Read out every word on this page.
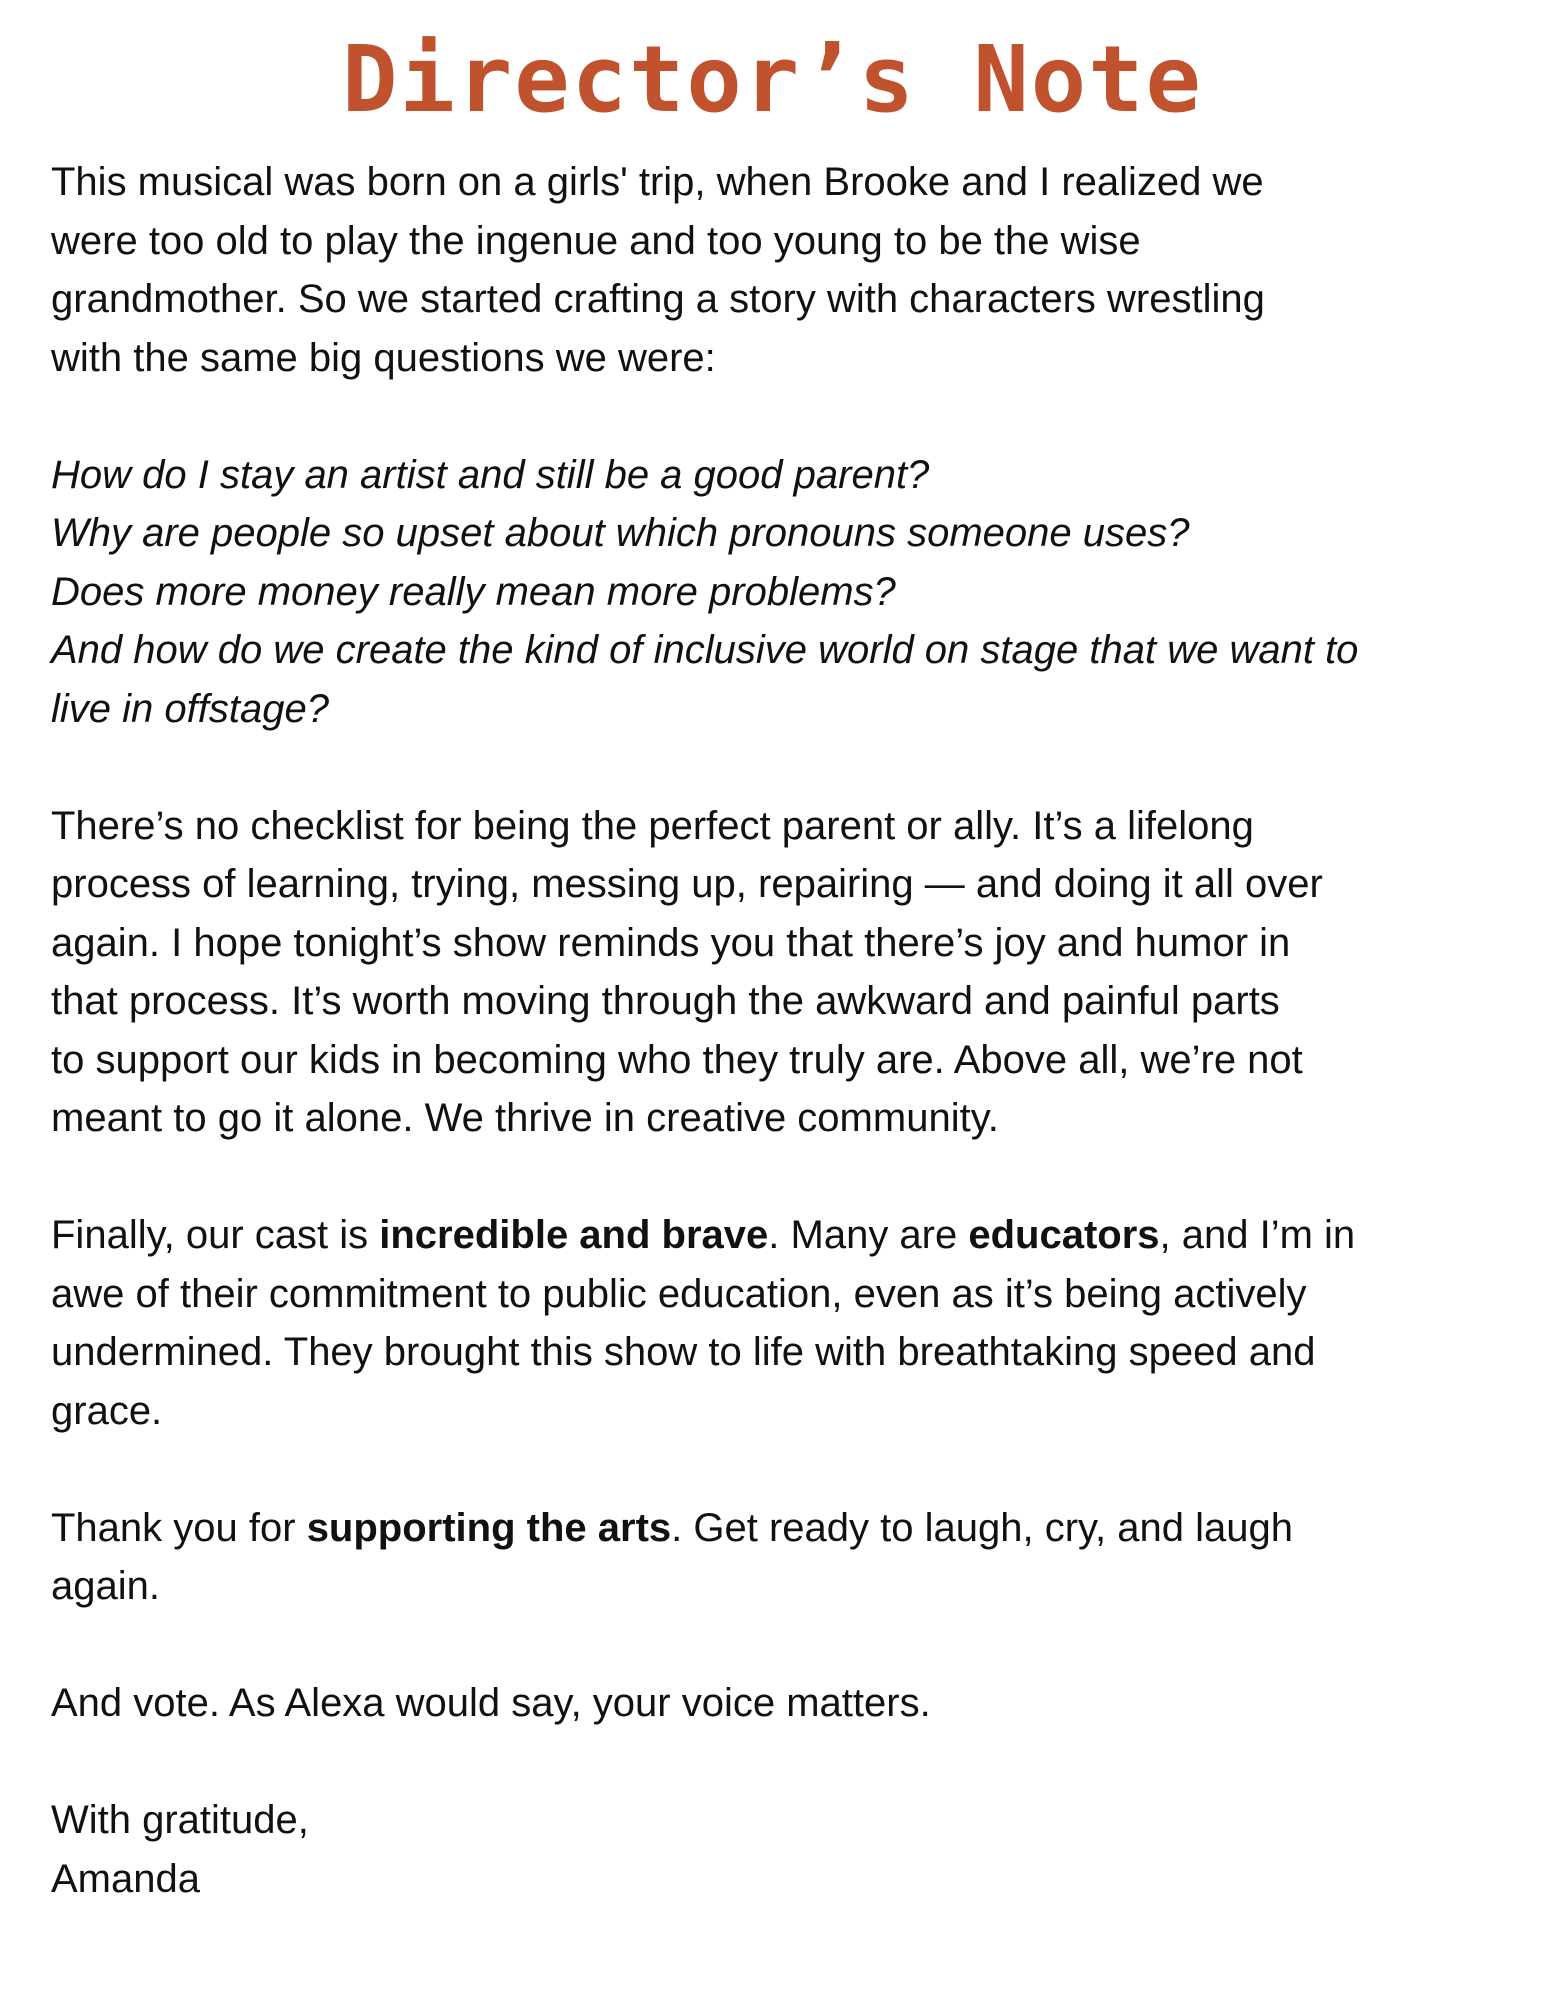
Director’s Note

This musical was born on a girls' trip, when Brooke and I realized we
were too old to play the ingenue and too young to be the wise
grandmother. So we started crafting a story with characters wrestling
with the same big questions we were:

How do I stay an artist and still be a good parent?
Why are people so upset about which pronouns someone uses?
Does more money really mean more problems?
And how do we create the kind of inclusive world on stage that we want to
live in offstage?

There’s no checklist for being the perfect parent or ally. It’s a lifelong
process of learning, trying, messing up, repairing — and doing it all over
again. I hope tonight’s show reminds you that there’s joy and humor in
that process. It’s worth moving through the awkward and painful parts
to support our kids in becoming who they truly are. Above all, we’re not
meant to go it alone. We thrive in creative community.

Finally, our cast is incredible and brave. Many are educators, and I’m in
awe of their commitment to public education, even as it’s being actively
undermined. They brought this show to life with breathtaking speed and
grace.

Thank you for supporting the arts. Get ready to laugh, cry, and laugh
again.

And vote. As Alexa would say, your voice matters.

With gratitude,
Amanda
